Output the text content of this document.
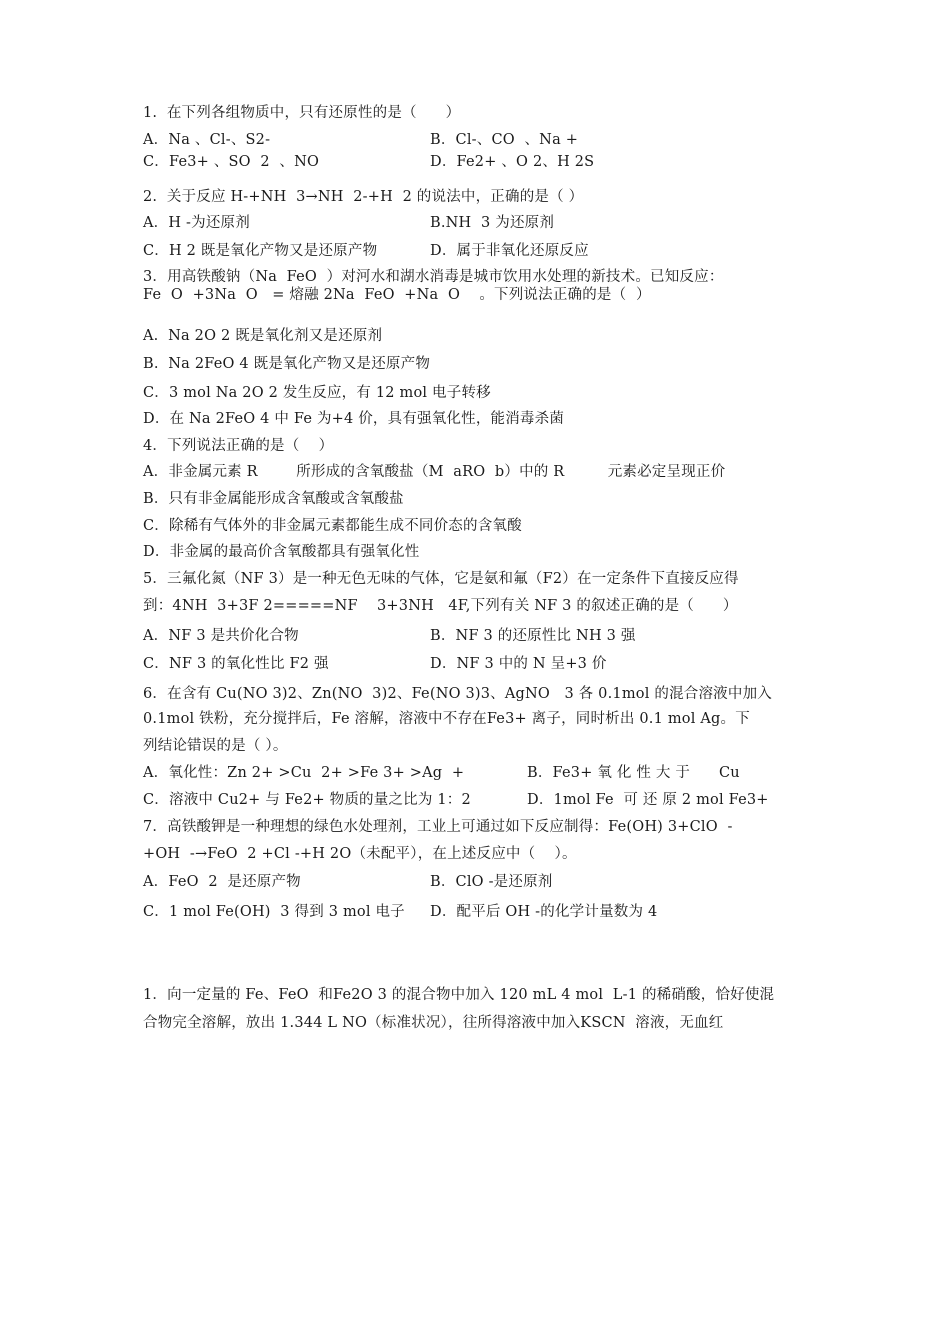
1.  在下列各组物质中，只有还原性的是（      ）
A．Na 、Cl-、S2-	B．Cl-、CO  、Na +
C．Fe3+ 、SO  2  、NO	D．Fe2+ 、O 2、H 2S
2.  关于反应 H-+NH  3→NH  2-+H  2 的说法中，正确的是（ ）
A．H -为还原剂	B.NH  3 为还原剂
C．H 2 既是氧化产物又是还原产物	D．属于非氧化还原反应
3．用高铁酸钠（Na  FeO  ）对河水和湖水消毒是城市饮用水处理的新技术。已知反应：
Fe  O  +3Na  O   = 熔融 2Na  FeO  +Na  O    。下列说法正确的是（  ）
A.  Na 2O 2 既是氧化剂又是还原剂
B.  Na 2FeO 4 既是氧化产物又是还原产物
C．3 mol Na 2O 2 发生反应，有 12 mol 电子转移
D．在 Na 2FeO 4 中 Fe 为+4 价，具有强氧化性，能消毒杀菌
4．下列说法正确的是（    ）
A．非金属元素 R        所形成的含氧酸盐（M  aRO  b）中的 R         元素必定呈现正价
B．只有非金属能形成含氧酸或含氧酸盐
C．除稀有气体外的非金属元素都能生成不同价态的含氧酸
D．非金属的最高价含氧酸都具有强氧化性
5．三氟化氮（NF 3）是一种无色无味的气体，它是氨和氟（F2）在一定条件下直接反应得
到：4NH  3+3F 2=====NF    3+3NH   4F,下列有关 NF 3 的叙述正确的是（      ）
A．NF 3 是共价化合物	B．NF 3 的还原性比 NH 3 强
C．NF 3 的氧化性比 F2 强	D．NF 3 中的 N 呈+3 价
6．在含有 Cu(NO 3)2、Zn(NO  3)2、Fe(NO 3)3、AgNO   3 各 0.1mol 的混合溶液中加入
0.1mol 铁粉，充分搅拌后，Fe 溶解，溶液中不存在Fe3+ 离子，同时析出 0.1 mol Ag。下
列结论错误的是（ ）。
A．氧化性：Zn 2+ >Cu  2+ >Fe 3+ >Ag  +	B．Fe3+ 氧 化 性 大 于      Cu
C．溶液中 Cu2+ 与 Fe2+ 物质的量之比为 1：2	D．1mol Fe  可 还 原 2 mol Fe3+
7．高铁酸钾是一种理想的绿色水处理剂，工业上可通过如下反应制得：Fe(OH) 3+ClO  -
+OH  -→FeO  2 +Cl -+H 2O（未配平），在上述反应中（    ）。
A．FeO  2  是还原产物	B．ClO -是还原剂
C．1 mol Fe(OH)  3 得到 3 mol 电子 D．配平后 OH -的化学计量数为 4
1．向一定量的 Fe、FeO  和Fe2O 3 的混合物中加入 120 mL 4 mol  L-1 的稀硝酸，恰好使混
合物完全溶解，放出 1.344 L NO（标准状况），往所得溶液中加入KSCN  溶液，无血红
